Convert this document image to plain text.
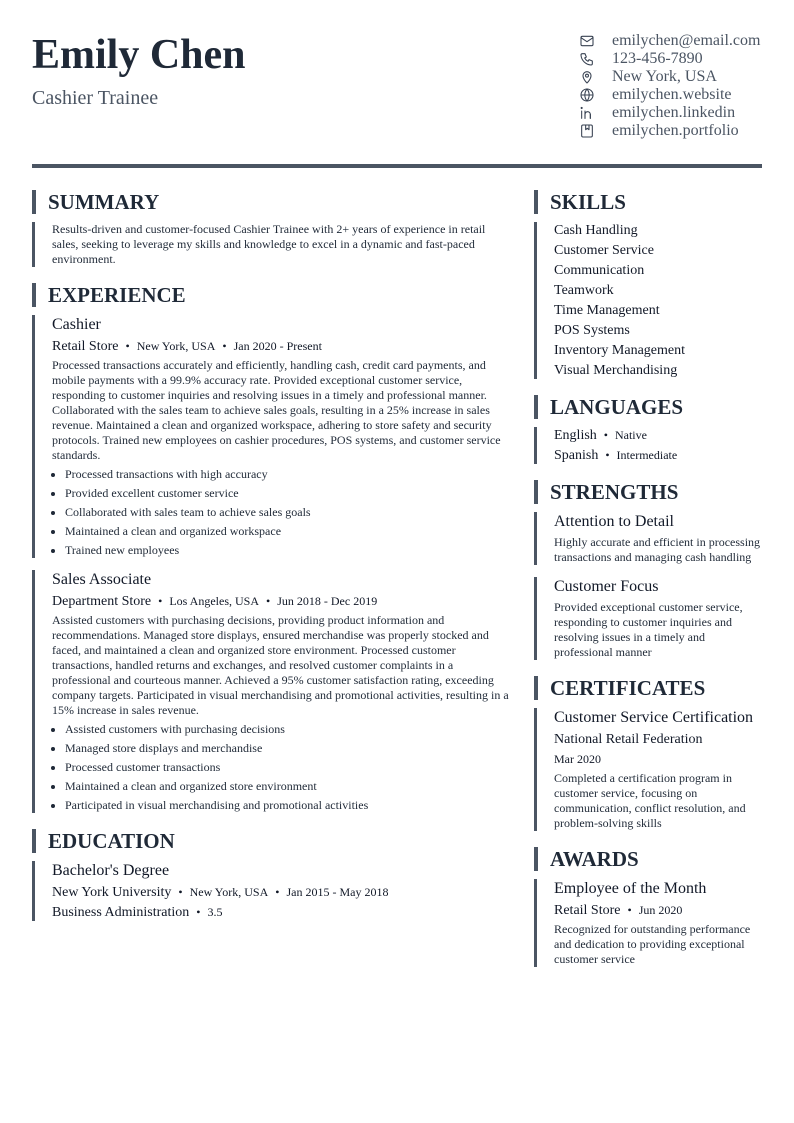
Emily Chen
Cashier Trainee
emilychen@email.com
123-456-7890
New York, USA
emilychen.website
emilychen.linkedin
emilychen.portfolio
SUMMARY
Results-driven and customer-focused Cashier Trainee with 2+ years of experience in retail sales, seeking to leverage my skills and knowledge to excel in a dynamic and fast-paced environment.
EXPERIENCE
Cashier
Retail Store • New York, USA • Jan 2020 - Present
Processed transactions accurately and efficiently, handling cash, credit card payments, and mobile payments with a 99.9% accuracy rate. Provided exceptional customer service, responding to customer inquiries and resolving issues in a timely and professional manner. Collaborated with the sales team to achieve sales goals, resulting in a 25% increase in sales revenue. Maintained a clean and organized workspace, adhering to store safety and security protocols. Trained new employees on cashier procedures, POS systems, and customer service standards.
• Processed transactions with high accuracy
• Provided excellent customer service
• Collaborated with sales team to achieve sales goals
• Maintained a clean and organized workspace
• Trained new employees
Sales Associate
Department Store • Los Angeles, USA • Jun 2018 - Dec 2019
Assisted customers with purchasing decisions, providing product information and recommendations. Managed store displays, ensured merchandise was properly stocked and faced, and maintained a clean and organized store environment. Processed customer transactions, handled returns and exchanges, and resolved customer complaints in a professional and courteous manner. Achieved a 95% customer satisfaction rating, exceeding company targets. Participated in visual merchandising and promotional activities, resulting in a 15% increase in sales revenue.
• Assisted customers with purchasing decisions
• Managed store displays and merchandise
• Processed customer transactions
• Maintained a clean and organized store environment
• Participated in visual merchandising and promotional activities
EDUCATION
Bachelor's Degree
New York University • New York, USA • Jan 2015 - May 2018
Business Administration • 3.5
SKILLS
Cash Handling
Customer Service
Communication
Teamwork
Time Management
POS Systems
Inventory Management
Visual Merchandising
LANGUAGES
English • Native
Spanish • Intermediate
STRENGTHS
Attention to Detail
Highly accurate and efficient in processing transactions and managing cash handling
Customer Focus
Provided exceptional customer service, responding to customer inquiries and resolving issues in a timely and professional manner
CERTIFICATES
Customer Service Certification
National Retail Federation
Mar 2020
Completed a certification program in customer service, focusing on communication, conflict resolution, and problem-solving skills
AWARDS
Employee of the Month
Retail Store • Jun 2020
Recognized for outstanding performance and dedication to providing exceptional customer service
